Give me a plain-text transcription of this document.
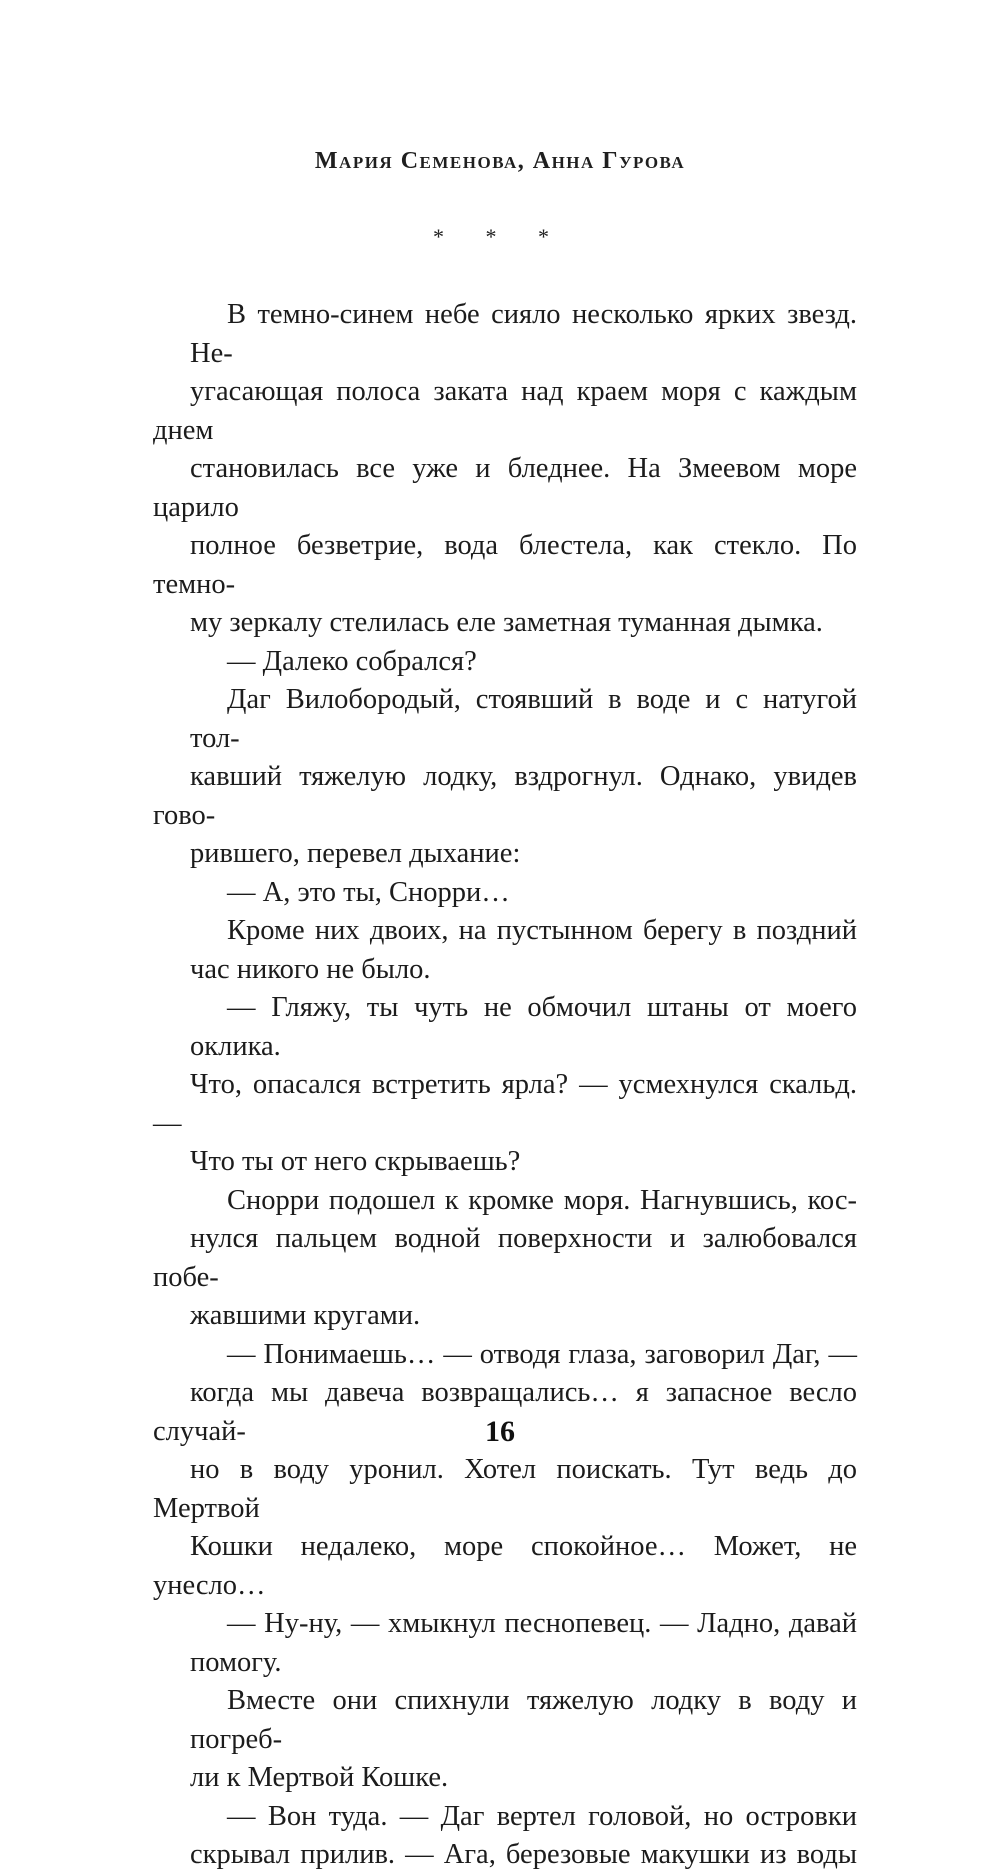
Мария Семенова, Анна Гурова
* * *

В темно-синем небе сияло несколько ярких звезд. Не-
угасающая полоса заката над краем моря с каждым днем
становилась все уже и бледнее. На Змеевом море царило
полное безветрие, вода блестела, как стекло. По темно-
му зеркалу стелилась еле заметная туманная дымка.

— Далеко собрался?

Даг Вилобородый, стоявший в воде и с натугой тол-
кавший тяжелую лодку, вздрогнул. Однако, увидев гово-
рившего, перевел дыхание:

— А, это ты, Снорри…

Кроме них двоих, на пустынном берегу в поздний
час никого не было.

— Гляжу, ты чуть не обмочил штаны от моего оклика.
Что, опасался встретить ярла? — усмехнулся скальд. —
Что ты от него скрываешь?

Снорри подошел к кромке моря. Нагнувшись, кос-
нулся пальцем водной поверхности и залюбовался побе-
жавшими кругами.

— Понимаешь… — отводя глаза, заговорил Даг, —
когда мы давеча возвращались… я запасное весло случай-
но в воду уронил. Хотел поискать. Тут ведь до Мертвой
Кошки недалеко, море спокойное… Может, не унесло…

— Ну-ну, — хмыкнул песнопевец. — Ладно, давай
помогу.

Вместе они спихнули тяжелую лодку в воду и погреб-
ли к Мертвой Кошке.

— Вон туда. — Даг вертел головой, но островки
скрывал прилив. — Ага, березовые макушки из воды

16
